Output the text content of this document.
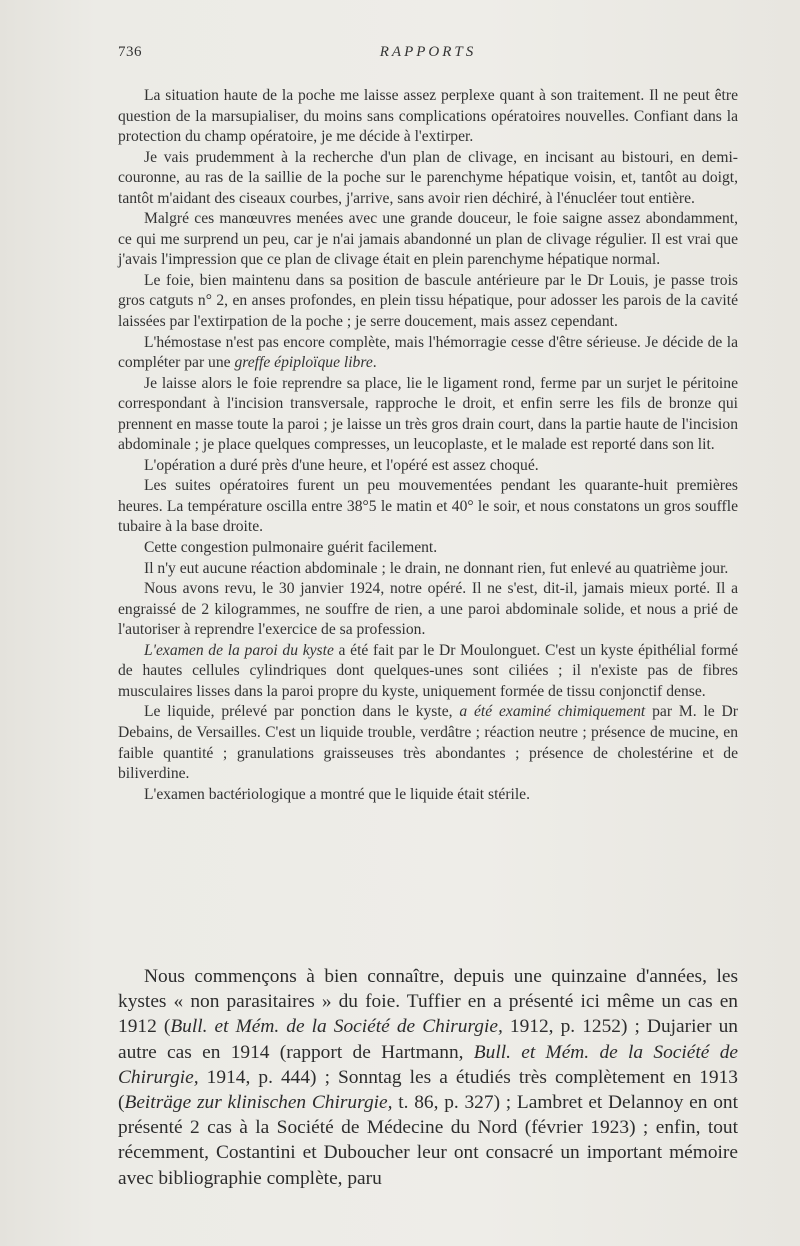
736	RAPPORTS

La situation haute de la poche me laisse assez perplexe quant à son traitement. Il ne peut être question de la marsupialiser, du moins sans complications opératoires nouvelles. Confiant dans la protection du champ opératoire, je me décide à l'extirper.

Je vais prudemment à la recherche d'un plan de clivage, en incisant au bistouri, en demi-couronne, au ras de la saillie de la poche sur le parenchyme hépatique voisin, et, tantôt au doigt, tantôt m'aidant des ciseaux courbes, j'arrive, sans avoir rien déchiré, à l'énucléer tout entière.

Malgré ces manœuvres menées avec une grande douceur, le foie saigne assez abondamment, ce qui me surprend un peu, car je n'ai jamais abandonné un plan de clivage régulier. Il est vrai que j'avais l'impression que ce plan de clivage était en plein parenchyme hépatique normal.

Le foie, bien maintenu dans sa position de bascule antérieure par le Dr Louis, je passe trois gros catguts n° 2, en anses profondes, en plein tissu hépatique, pour adosser les parois de la cavité laissées par l'extirpation de la poche ; je serre doucement, mais assez cependant.

L'hémostase n'est pas encore complète, mais l'hémorragie cesse d'être sérieuse. Je décide de la compléter par une greffe épiploïque libre.

Je laisse alors le foie reprendre sa place, lie le ligament rond, ferme par un surjet le péritoine correspondant à l'incision transversale, rapproche le droit, et enfin serre les fils de bronze qui prennent en masse toute la paroi ; je laisse un très gros drain court, dans la partie haute de l'incision abdominale ; je place quelques compresses, un leucoplaste, et le malade est reporté dans son lit.

L'opération a duré près d'une heure, et l'opéré est assez choqué.

Les suites opératoires furent un peu mouvementées pendant les quarante-huit premières heures. La température oscilla entre 38°5 le matin et 40° le soir, et nous constatons un gros souffle tubaire à la base droite.

Cette congestion pulmonaire guérit facilement.

Il n'y eut aucune réaction abdominale ; le drain, ne donnant rien, fut enlevé au quatrième jour.

Nous avons revu, le 30 janvier 1924, notre opéré. Il ne s'est, dit-il, jamais mieux porté. Il a engraissé de 2 kilogrammes, ne souffre de rien, a une paroi abdominale solide, et nous a prié de l'autoriser à reprendre l'exercice de sa profession.

L'examen de la paroi du kyste a été fait par le Dr Moulonguet. C'est un kyste épithélial formé de hautes cellules cylindriques dont quelques-unes sont ciliées ; il n'existe pas de fibres musculaires lisses dans la paroi propre du kyste, uniquement formée de tissu conjonctif dense.

Le liquide, prélevé par ponction dans le kyste, a été examiné chimiquement par M. le Dr Debains, de Versailles. C'est un liquide trouble, verdâtre ; réaction neutre ; présence de mucine, en faible quantité ; granulations graisseuses très abondantes ; présence de cholestérine et de biliverdine.

L'examen bactériologique a montré que le liquide était stérile.

Nous commençons à bien connaître, depuis une quinzaine d'années, les kystes « non parasitaires » du foie. Tuffier en a présenté ici même un cas en 1912 (Bull. et Mém. de la Société de Chirurgie, 1912, p. 1252) ; Dujarier un autre cas en 1914 (rapport de Hartmann, Bull. et Mém. de la Société de Chirurgie, 1914, p. 444) ; Sonntag les a étudiés très complètement en 1913 (Beiträge zur klinischen Chirurgie, t. 86, p. 327) ; Lambret et Delannoy en ont présenté 2 cas à la Société de Médecine du Nord (février 1923) ; enfin, tout récemment, Costantini et Duboucher leur ont consacré un important mémoire avec bibliographie complète, paru
